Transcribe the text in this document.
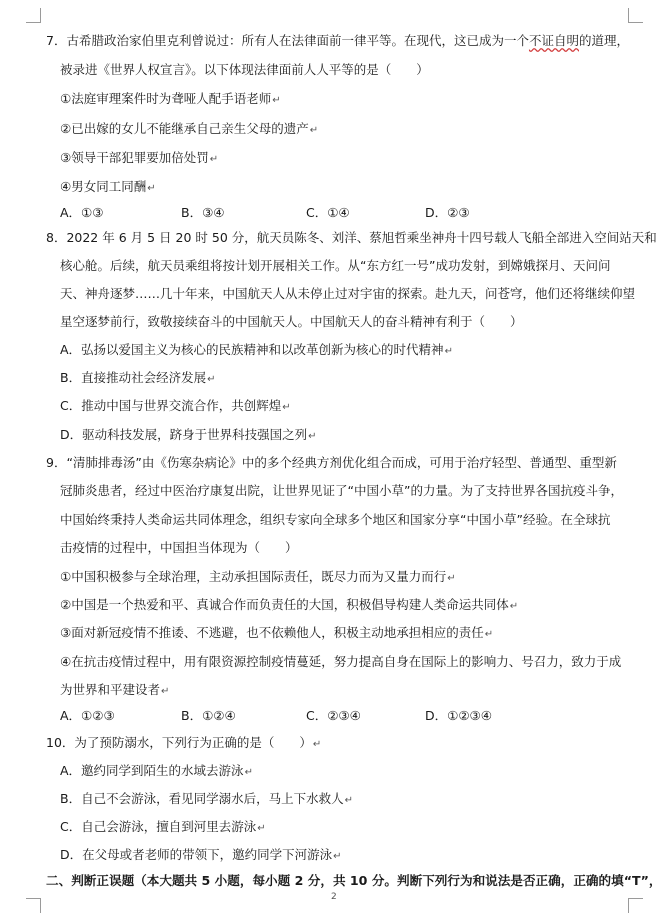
7．古希腊政治家伯里克利曾说过：所有人在法律面前一律平等。在现代，这已成为一个不证自明的道理，
被录进《世界人权宣言》。以下体现法律面前人人平等的是（　　）
①法庭审理案件时为聋哑人配手语老师↵
②已出嫁的女儿不能继承自己亲生父母的遗产↵
③领导干部犯罪要加倍处罚↵
④男女同工同酬↵
A．①③	B．③④	C．①④	D．②③
8．2022 年 6 月 5 日 20 时 50 分，航天员陈冬、刘洋、蔡旭哲乘坐神舟十四号载人飞船全部进入空间站天和
核心舱。后续，航天员乘组将按计划开展相关工作。从“东方红一号”成功发射，到嫦娥探月、天问问
天、神舟逐梦……几十年来，中国航天人从未停止过对宇宙的探索。赴九天，问苍穹，他们还将继续仰望
星空逐梦前行，致敬接续奋斗的中国航天人。中国航天人的奋斗精神有利于（　　）
A．弘扬以爱国主义为核心的民族精神和以改革创新为核心的时代精神↵
B．直接推动社会经济发展↵
C．推动中国与世界交流合作，共创辉煌↵
D．驱动科技发展，跻身于世界科技强国之列↵
9．“清肺排毒汤”由《伤寒杂病论》中的多个经典方剂优化组合而成，可用于治疗轻型、普通型、重型新
冠肺炎患者，经过中医治疗康复出院，让世界见证了“中国小草”的力量。为了支持世界各国抗疫斗争，
中国始终秉持人类命运共同体理念，组织专家向全球多个地区和国家分享“中国小草”经验。在全球抗
击疫情的过程中，中国担当体现为（　　）
①中国积极参与全球治理，主动承担国际责任，既尽力而为又量力而行↵
②中国是一个热爱和平、真诚合作而负责任的大国，积极倡导构建人类命运共同体↵
③面对新冠疫情不推诿、不逃避，也不依赖他人，积极主动地承担相应的责任↵
④在抗击疫情过程中，用有限资源控制疫情蔓延，努力提高自身在国际上的影响力、号召力，致力于成
为世界和平建设者↵
A．①②③	B．①②④	C．②③④	D．①②③④
10．为了预防溺水，下列行为正确的是（　　）↵
A．邀约同学到陌生的水域去游泳↵
B．自己不会游泳，看见同学溺水后，马上下水救人↵
C．自己会游泳，擅自到河里去游泳↵
D．在父母或者老师的带领下，邀约同学下河游泳↵
二、判断正误题（本大题共 5 小题，每小题 2 分，共 10 分。判断下列行为和说法是否正确，正确的填“T”，
2
